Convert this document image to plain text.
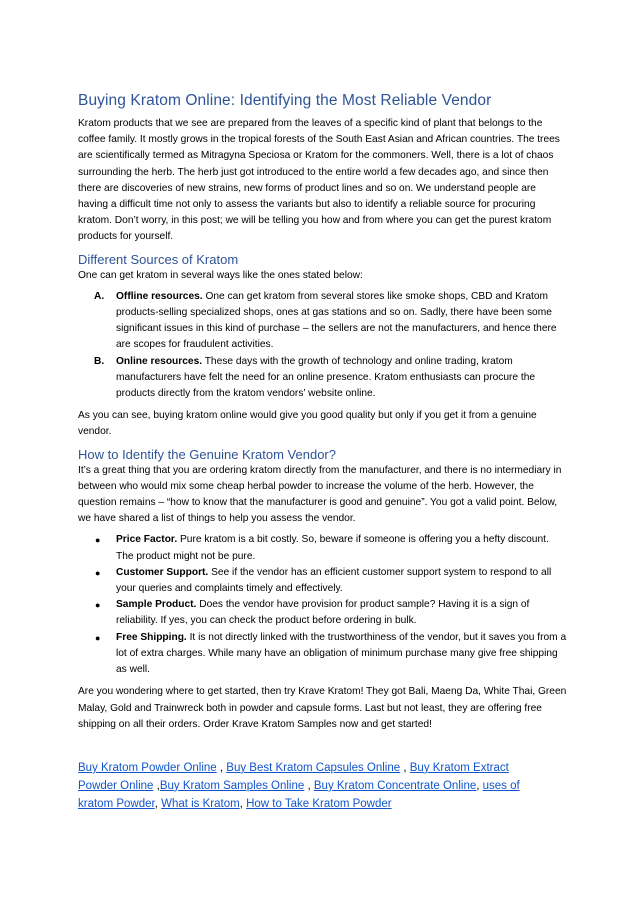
Buying Kratom Online: Identifying the Most Reliable Vendor

Kratom products that we see are prepared from the leaves of a specific kind of plant that belongs to the coffee family. It mostly grows in the tropical forests of the South East Asian and African countries. The trees are scientifically termed as Mitragyna Speciosa or Kratom for the commoners. Well, there is a lot of chaos surrounding the herb. The herb just got introduced to the entire world a few decades ago, and since then there are discoveries of new strains, new forms of product lines and so on. We understand people are having a difficult time not only to assess the variants but also to identify a reliable source for procuring kratom. Don’t worry, in this post; we will be telling you how and from where you can get the purest kratom products for yourself.

Different Sources of Kratom

One can get kratom in several ways like the ones stated below:

A. Offline resources. One can get kratom from several stores like smoke shops, CBD and Kratom products-selling specialized shops, ones at gas stations and so on. Sadly, there have been some significant issues in this kind of purchase – the sellers are not the manufacturers, and hence there are scopes for fraudulent activities.
B. Online resources. These days with the growth of technology and online trading, kratom manufacturers have felt the need for an online presence. Kratom enthusiasts can procure the products directly from the kratom vendors’ website online.

As you can see, buying kratom online would give you good quality but only if you get it from a genuine vendor.

How to Identify the Genuine Kratom Vendor?

It’s a great thing that you are ordering kratom directly from the manufacturer, and there is no intermediary in between who would mix some cheap herbal powder to increase the volume of the herb. However, the question remains – “how to know that the manufacturer is good and genuine”. You got a valid point. Below, we have shared a list of things to help you assess the vendor.

● Price Factor. Pure kratom is a bit costly. So, beware if someone is offering you a hefty discount. The product might not be pure.
● Customer Support. See if the vendor has an efficient customer support system to respond to all your queries and complaints timely and effectively.
● Sample Product. Does the vendor have provision for product sample? Having it is a sign of reliability. If yes, you can check the product before ordering in bulk.
● Free Shipping. It is not directly linked with the trustworthiness of the vendor, but it saves you from a lot of extra charges. While many have an obligation of minimum purchase many give free shipping as well.

Are you wondering where to get started, then try Krave Kratom! They got Bali, Maeng Da, White Thai, Green Malay, Gold and Trainwreck both in powder and capsule forms. Last but not least, they are offering free shipping on all their orders. Order Krave Kratom Samples now and get started!

Buy Kratom Powder Online , Buy Best Kratom Capsules Online , Buy Kratom Extract Powder Online ,Buy Kratom Samples Online , Buy Kratom Concentrate Online, uses of kratom Powder, What is Kratom, How to Take Kratom Powder
